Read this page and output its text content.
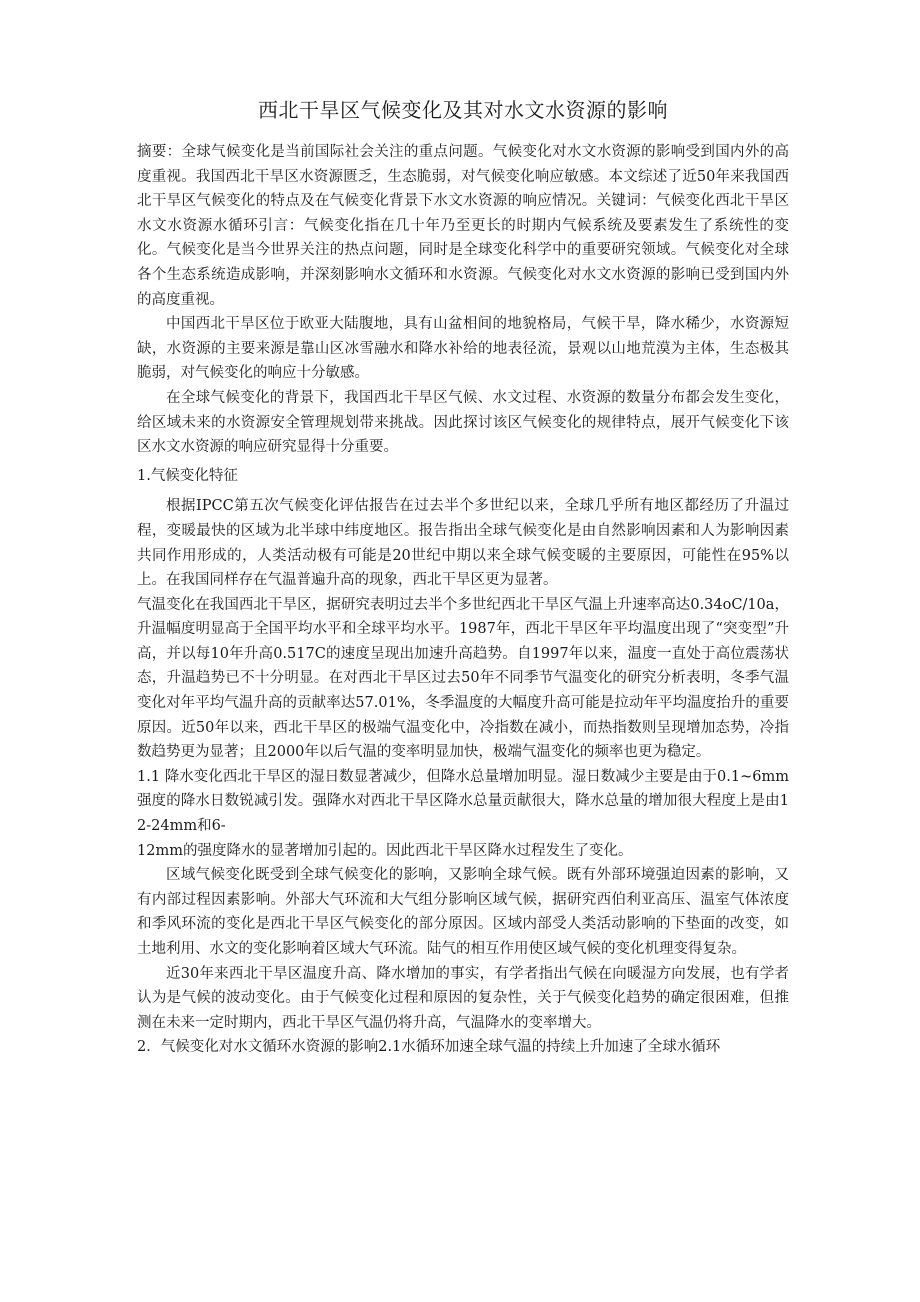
西北干旱区气候变化及其对水文水资源的影响

摘要：全球气候变化是当前国际社会关注的重点问题。气候变化对水文水资源的影响受到国内外的高度重视。我国西北干旱区水资源匮乏，生态脆弱，对气候变化响应敏感。本文综述了近50年来我国西北干旱区气候变化的特点及在气候变化背景下水文水资源的响应情况。关键词：气候变化西北干旱区水文水资源水循环引言：气候变化指在几十年乃至更长的时期内气候系统及要素发生了系统性的变化。气候变化是当今世界关注的热点问题，同时是全球变化科学中的重要研究领域。气候变化对全球各个生态系统造成影响，并深刻影响水文循环和水资源。气候变化对水文水资源的影响已受到国内外的高度重视。

中国西北干旱区位于欧亚大陆腹地，具有山盆相间的地貌格局，气候干旱，降水稀少，水资源短缺，水资源的主要来源是靠山区冰雪融水和降水补给的地表径流，景观以山地荒漠为主体，生态极其脆弱，对气候变化的响应十分敏感。

在全球气候变化的背景下，我国西北干旱区气候、水文过程、水资源的数量分布都会发生变化，给区域未来的水资源安全管理规划带来挑战。因此探讨该区气候变化的规律特点，展开气候变化下该区水文水资源的响应研究显得十分重要。

1.气候变化特征

根据IPCC第五次气候变化评估报告在过去半个多世纪以来，全球几乎所有地区都经历了升温过程，变暖最快的区域为北半球中纬度地区。报告指出全球气候变化是由自然影响因素和人为影响因素共同作用形成的，人类活动极有可能是20世纪中期以来全球气候变暖的主要原因，可能性在95%以上。在我国同样存在气温普遍升高的现象，西北干旱区更为显著。

气温变化在我国西北干旱区，据研究表明过去半个多世纪西北干旱区气温上升速率高达0.34oC/10a，升温幅度明显高于全国平均水平和全球平均水平。1987年，西北干旱区年平均温度出现了“突变型”升高，并以每10年升高0.517C的速度呈现出加速升高趋势。自1997年以来，温度一直处于高位震荡状态，升温趋势已不十分明显。在对西北干旱区过去50年不同季节气温变化的研究分析表明，冬季气温变化对年平均气温升高的贡献率达57.01%，冬季温度的大幅度升高可能是拉动年平均温度抬升的重要原因。近50年以来，西北干旱区的极端气温变化中，冷指数在减小，而热指数则呈现增加态势，冷指数趋势更为显著；且2000年以后气温的变率明显加快，极端气温变化的频率也更为稳定。

1.1 降水变化西北干旱区的湿日数显著减少，但降水总量增加明显。湿日数减少主要是由于0.1~6mm强度的降水日数锐减引发。强降水对西北干旱区降水总量贡献很大，降水总量的增加很大程度上是由12-24mm和6-

12mm的强度降水的显著增加引起的。因此西北干旱区降水过程发生了变化。

区域气候变化既受到全球气候变化的影响，又影响全球气候。既有外部环境强迫因素的影响，又有内部过程因素影响。外部大气环流和大气组分影响区域气候，据研究西伯利亚高压、温室气体浓度和季风环流的变化是西北干旱区气候变化的部分原因。区域内部受人类活动影响的下垫面的改变，如土地利用、水文的变化影响着区域大气环流。陆气的相互作用使区域气候的变化机理变得复杂。

近30年来西北干旱区温度升高、降水增加的事实，有学者指出气候在向暖湿方向发展，也有学者认为是气候的波动变化。由于气候变化过程和原因的复杂性，关于气候变化趋势的确定很困难，但推测在未来一定时期内，西北干旱区气温仍将升高，气温降水的变率增大。

2．气候变化对水文循环水资源的影响2.1水循环加速全球气温的持续上升加速了全球水循环
